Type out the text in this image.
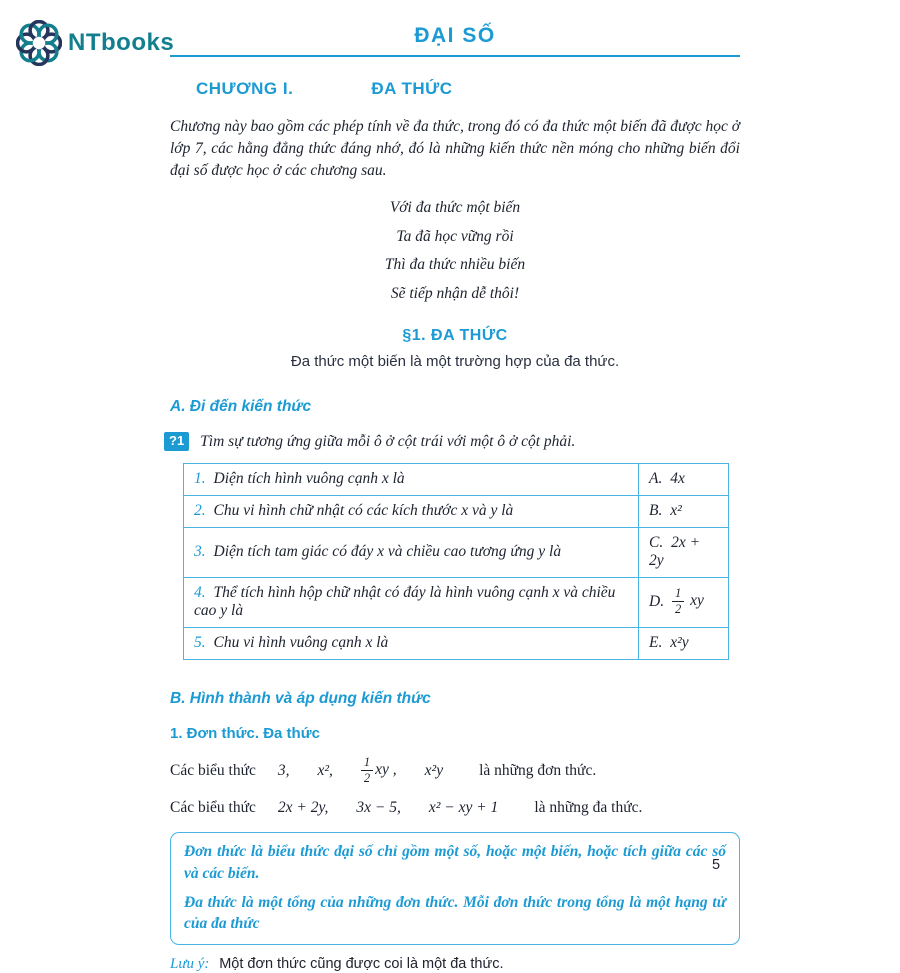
NTbooks	ĐẠI SỐ
CHƯƠNG I.	ĐA THỨC

Chương này bao gồm các phép tính về đa thức, trong đó có đa thức một biến đã được học ở lớp 7, các hằng đẳng thức đáng nhớ, đó là những kiến thức nền móng cho những biến đổi đại số được học ở các chương sau.

Với đa thức một biến
Ta đã học vững rồi
Thì đa thức nhiều biến
Sẽ tiếp nhận dễ thôi!
§1. ĐA THỨC
Đa thức một biến là một trường hợp của đa thức.
A. Đi đến kiến thức
?1	Tìm sự tương ứng giữa mỗi ô ở cột trái với một ô ở cột phải.
1. Diện tích hình vuông cạnh x là	A. 4x
2. Chu vi hình chữ nhật có các kích thước x và y là	B. x²
3. Diện tích tam giác có đáy x và chiều cao tương ứng y là	C. 2x + 2y
4. Thể tích hình hộp chữ nhật có đáy là hình vuông cạnh x và chiều cao y là	D. $\frac{1}{2}$ xy
5. Chu vi hình vuông cạnh x là	E. x²y
B. Hình thành và áp dụng kiến thức
1. Đơn thức. Đa thức
Các biểu thức 3, x², $\frac{1}{2}$ xy , x²y là những đơn thức.
Các biểu thức 2x + 2y, 3x − 5, x² − xy + 1 là những đa thức.

Đơn thức là biểu thức đại số chỉ gồm một số, hoặc một biến, hoặc tích giữa các số và các biến.

Đa thức là một tổng của những đơn thức. Mỗi đơn thức trong tổng là một hạng tử của đa thức

Lưu ý: Một đơn thức cũng được coi là một đa thức.

5
